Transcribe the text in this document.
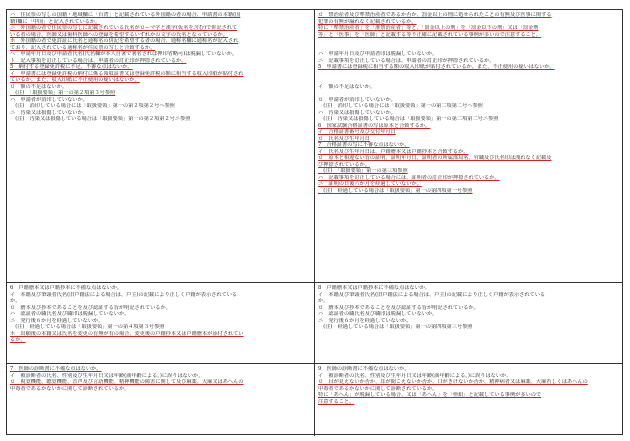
ハ　住民票の写しの国籍・地域欄に「台湾」と記載されている外国籍の者の場合、申請書の本籍(国
籍)欄に「中国」と記入されているか。
ニ　外国籍の者で住民票の写しに記載されている氏名がローマ字と漢字(仮名を含む)で併記されて
いる者の場合、医師又は歯科医師への登録を希望するいずれかの文字の氏名となっているか。
ホ　外国籍の者で免許証に氏名と通称名の併記を希望する者の場合、通称名欄に通称名が記入され
ており、記入されている通称名が住民票の写しと合致するか。
へ　申請年月日及び申請者氏名(氏名欄が本人自署で署名されば押印省略可)は脱漏していないか。
ト　記入事項を訂正している場合は、申請者の訂正印が押捺されているか。
5　納付する登録免許税に不足、不審な点はないか。
イ　申請書には登録免許税の納付に係る領収証書又は登録免許税の額に相当する収入印紙が貼付され
ているか。また、収入印紙に不正使用の疑いはないか。
ロ　額の不足はないか。
　(注)　「取扱要領」第一の第２項第３号参照
ハ　申請者が消印していないか。
　(注)　消印している場合には「取扱要領」第一の第２項第２号ヘ参照
ニ　汚染又は損傷していないか。
　(注)　汚染又は損傷している場合は「取扱要領」第一の第２項第２号ニ参照
ロ　禁治産者及び準禁治産者であるか否か、罰金以上の刑に処せられたことの有無及び医事に関する
犯罪の有無が漏れなく記載されているか。
特に「準禁治産者」を「准禁治産者」等と、「罰金以上の刑」を「罰金以下の刑」又は「罰金刑
等」と「医事」を「医師」と記載する等不正確に記載されている事例が多いので注意すること。
ハ　申請年月日及び申請者印は脱漏していないか。
ニ　記載事項を訂正している場合は、申請者の訂正印が押捺されているか。
5　申請書には登録税に相当する額の収入印紙が貼付されているか。また、不正使用の疑いはないか。
イ　額の不足はないか。
ロ　申請者が消印していないか。
　(注)　消印している場合には「取扱要領」第一の第二項第二号ヘ参照
ハ　汚染又は損傷していないか。
　(注)　汚染又は損傷している場合は「取扱要領」第一の第二項第二号ニ参照
6　国家試験合格証書の写は原本と合致するか。
イ　合格証書番号及び交付年月日
ロ　氏名及び生年月日
7　合格証書の写に不審な点はないか。
イ　氏名及び生年月日は、戸籍謄本又は戸籍抄本と合致するか。
ロ　原本と相違ない旨の証明、証明年月日、証明者の所属部局名、官職及び氏名印は洩れなく記載及
び押捺されているか。
　(注)　「取扱要領」第一の第三項参照
ハ　記載事項を訂正している場合には、証明者の訂正印が押捺されているか。
ニ　証明の日後六か月を経過していないか。
　(注)　経過している場合は「取扱要領」第一の第四項第一号参照
6　戸籍謄本又は戸籍抄本に不備な点はないか。
イ　本籍及び筆頭者氏名(旧戸籍法による場合は、戸主)の記載により正しく戸籍が表示されている
か。
ロ　謄本及び抄本であることを及び認証する旨が明記されているか。
ハ　認証者の職氏名及び職印は脱漏していないか。
ニ　発行後６か月を経過していないか。
　(注)　経過している場合は「取扱要領」第一の第４項第３号参照
ホ　出願後の本籍又は氏名を変更の有無が有の場合、変更後の戸籍抄本又は戸籍謄本が添付されてい
るか。
8　戸籍謄本又は戸籍抄本に不備な点はないか。
イ　本籍及び筆頭者氏名(旧戸籍法による場合は、戸主)の記載により正しく戸籍が表示されている
か。
ロ　謄本及び抄本であることを及び認証する旨が明記されているか。
ハ　認証者の職氏名及び職印は脱漏していないか。
ニ　発行後６か月を経過していないか。
　(注)　経過している場合は「取扱要領」第一の第四項第三号参照
7　医師の診断書に不備な点はないか。
イ　被診断者の氏名、性別及び生年月日又は年齢(満年齢による。)に誤りはないか。
ロ　視覚機能、聴覚機能、音声及び言語機能、精神機能の障害に関して及び麻薬、大麻又はあへんの
中毒者であるかないかに関して診断されているか。
9　医師の診断書に不備な点はないか。
イ　被診断者の氏名、性別及び生年月日又は年齢(満年齢による。)に誤りはないか。
ロ　目が見えないか否か、耳が聞こえないか否か、口がきけないか否か、精神病者又は麻薬、大麻若しくはあへんの
中毒者であるかないかに関して診断されているか。
特に「あへん」が脱漏している場合、又は「あへん」を「亜鉛」と記載している事例が多いので
注意すること。
